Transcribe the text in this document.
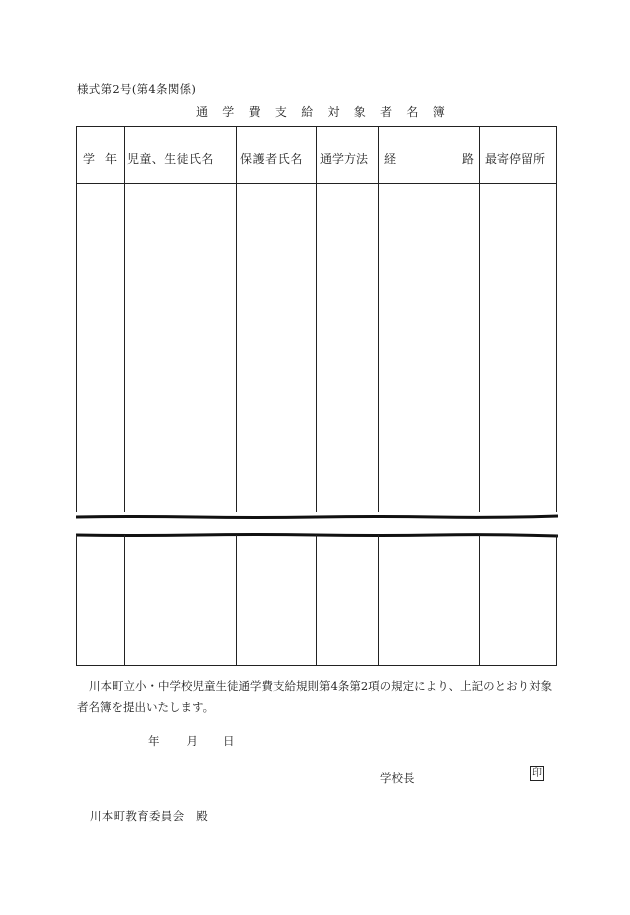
様式第2号(第4条関係)
通学費支給対象者名簿
学年 児童、生徒氏名 保護者氏名 通学方法 経	路 最寄停留所
川本町立小・中学校児童生徒通学費支給規則第4条第2項の規定により、上記のとおり対象者名簿を提出いたします。
年 月 日
学校長	印
川本町教育委員会　殿
